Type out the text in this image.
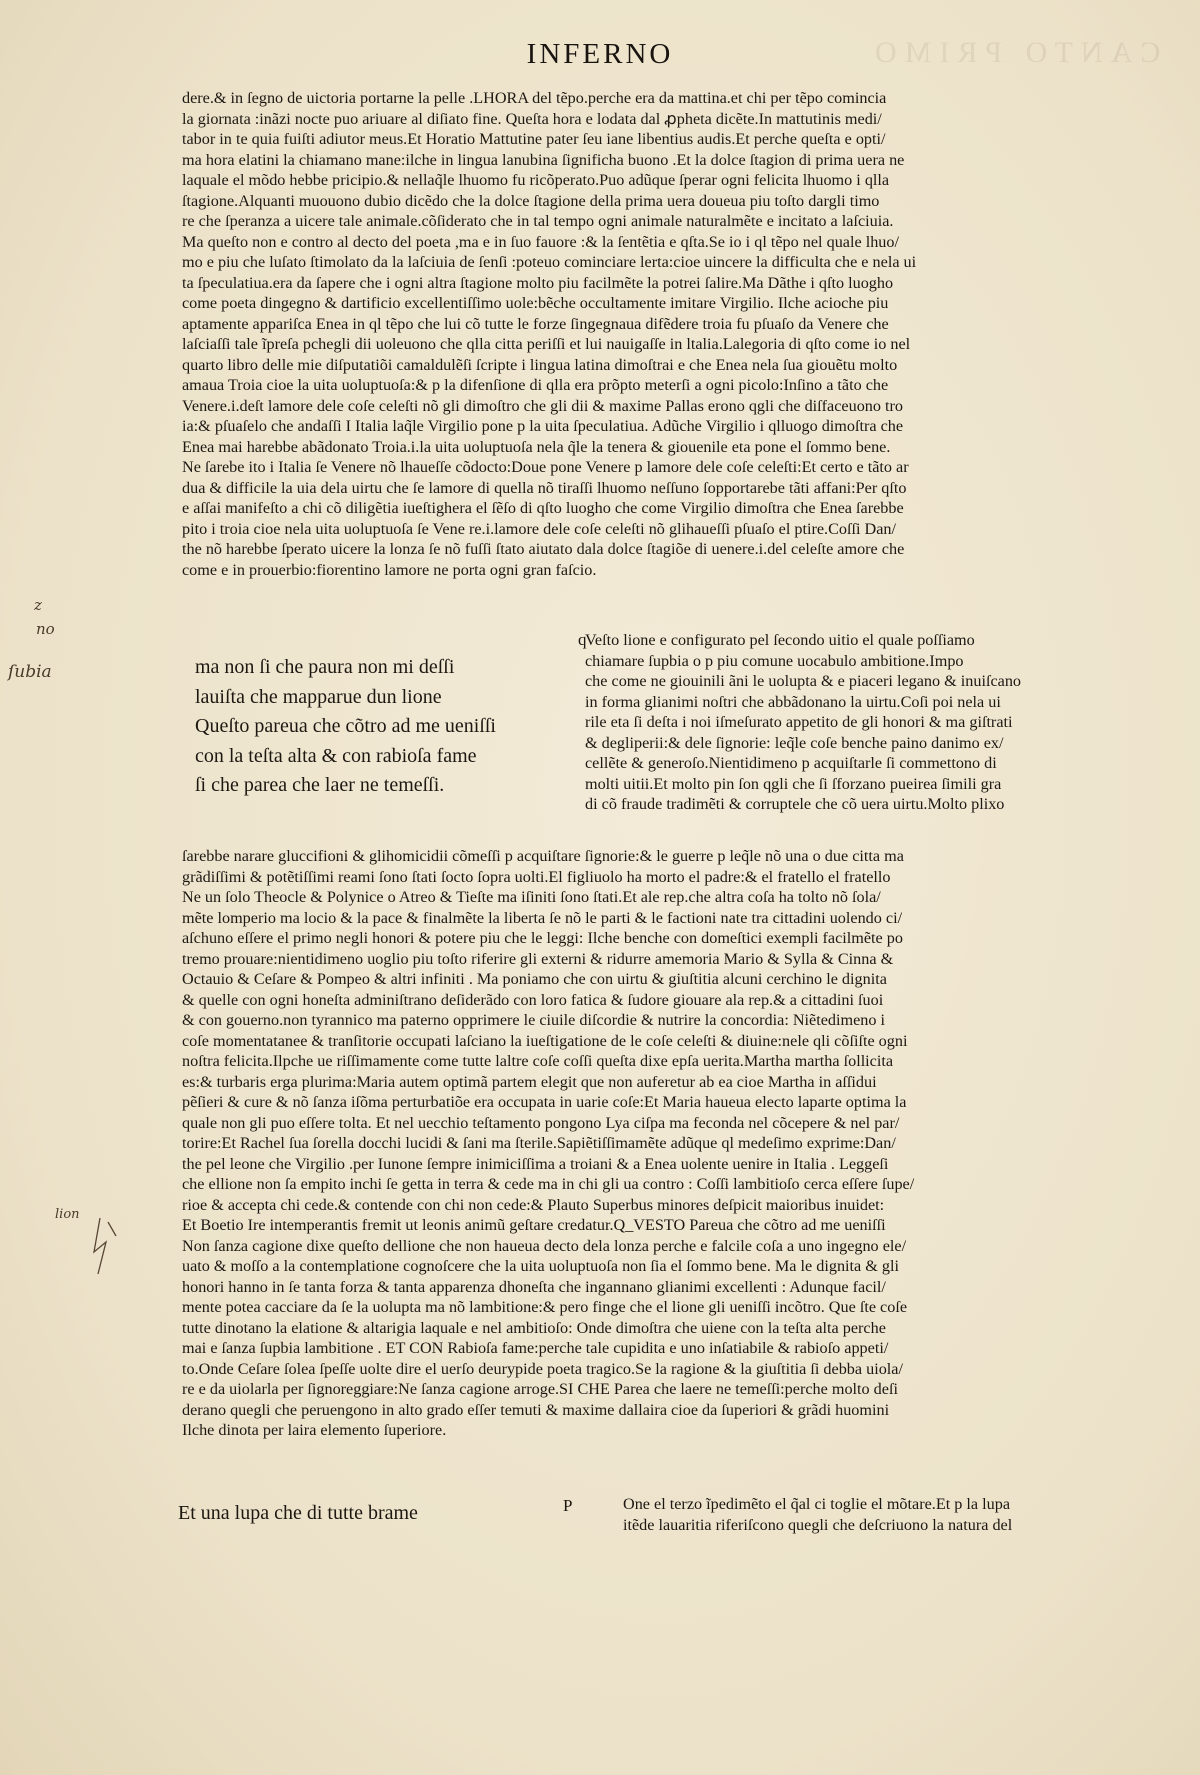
CANTO PRIMO
INFERNO
dere.& in ſegno de uictoria portarne la pelle .LHORA del tẽpo.perche era da mattina.et chi per tẽpo comincia
la giornata :inãzi nocte puo ariuare al diſiato fine. Queſta hora e lodata dal ꝓpheta dicẽte.In mattutinis medi/
tabor in te quia fuiſti adiutor meus.Et Horatio Mattutine pater ſeu iane libentius audis.Et perche queſta e opti/
ma hora elatini la chiamano mane:ilche in lingua lanubina ſignificha buono .Et la dolce ſtagion di prima uera ne
laquale el mõdo hebbe pricipio.& nellaq̃le lhuomo fu ricõperato.Puo adũque ſperar ogni felicita lhuomo i qlla
ſtagione.Alquanti muouono dubio dicẽdo che la dolce ſtagione della prima uera doueua piu toſto dargli timo
re che ſperanza a uicere tale animale.cõſiderato che in tal tempo ogni animale naturalmẽte e incitato a laſciuia.
Ma queſto non e contro al decto del poeta ,ma e in ſuo fauore :& la ſentẽtia e qſta.Se io i ql tẽpo nel quale lhuo/
mo e piu che luſato ſtimolato da la laſciuia de ſenſi :poteuo cominciare lerta:cioe uincere la difficulta che e nela ui
ta ſpeculatiua.era da ſapere che i ogni altra ſtagione molto piu facilmẽte la potrei ſalire.Ma Dãthe i qſto luogho
come poeta dingegno & dartificio excellentiſſimo uole:bẽche occultamente imitare Virgilio. Ilche acioche piu
aptamente appariſca Enea in ql tẽpo che lui cõ tutte le forze ſingegnaua difẽdere troia fu pſuaſo da Venere che
laſciaſſi tale ĩpreſa pchegli dii uoleuono che qlla citta periſſi et lui nauigaſſe in ltalia.Lalegoria di qſto come io nel
quarto libro delle mie diſputatiõi camaldulẽſi ſcripte i lingua latina dimoſtrai e che Enea nela ſua giouẽtu molto
amaua Troia cioe la uita uoluptuoſa:& p la difenſione di qlla era prõpto meterſi a ogni picolo:Inſino a tãto che
Venere.i.deſt lamore dele coſe celeſti nõ gli dimoſtro che gli dii & maxime Pallas erono qgli che diſfaceuono tro
ia:& pſuaſelo che andaſſi I Italia laq̃le Virgilio pone p la uita ſpeculatiua. Adũche Virgilio i qlluogo dimoſtra che
Enea mai harebbe abãdonato Troia.i.la uita uoluptuoſa nela q̃le la tenera & giouenile eta pone el ſommo bene.
Ne ſarebe ito i Italia ſe Venere nõ lhaueſſe cõdocto:Doue pone Venere p lamore dele coſe celeſti:Et certo e tãto ar
dua & difficile la uia dela uirtu che ſe lamore di quella nõ tiraſſi lhuomo neſſuno ſopportarebe tãti affani:Per qſto
e aſſai manifeſto a chi cõ diligẽtia iueſtighera el ſẽſo di qſto luogho che come Virgilio dimoſtra che Enea ſarebbe
pito i troia cioe nela uita uoluptuoſa ſe Vene re.i.lamore dele coſe celeſti nõ glihaueſſi pſuaſo el ptire.Coſſi Dan/
the nõ harebbe ſperato uicere la lonza ſe nõ fuſſi ſtato aiutato dala dolce ſtagiõe di uenere.i.del celeſte amore che
come e in prouerbio:fiorentino lamore ne porta ogni gran faſcio.
ma non ſi che paura non mi deſſi
lauiſta che mapparue dun lione
Queſto pareua che cõtro ad me ueniſſi
con la teſta alta & con rabioſa fame
ſi che parea che laer ne temeſſi.
q
Veſto lione e configurato pel ſecondo uitio el quale poſſiamo
chiamare ſupbia o p piu comune uocabulo ambitione.Impo
che come ne giouinili ãni le uolupta & e piaceri legano & inuiſcano
in forma glianimi noſtri che abbãdonano la uirtu.Coſi poi nela ui
rile eta ſi deſta i noi iſmeſurato appetito de gli honori & ma giſtrati
& degliperii:& dele ſignorie: leq̃le coſe benche paino danimo ex/
cellẽte & generoſo.Nientidimeno p acquiſtarle ſi commettono di
molti uitii.Et molto pin ſon qgli che ſi ſforzano pueirea ſimili gra
di cõ fraude tradimẽti & corruptele che cõ uera uirtu.Molto plixo
ſarebbe narare gluccifioni & glihomicidii cõmeſſi p acquiſtare ſignorie:& le guerre p leq̃le nõ una o due citta ma
grãdiſſimi & potẽtiſſimi reami ſono ſtati ſocto ſopra uolti.El figliuolo ha morto el padre:& el fratello el fratello
Ne un ſolo Theocle & Polynice o Atreo & Tieſte ma iſiniti ſono ſtati.Et ale rep.che altra coſa ha tolto nõ ſola/
mẽte lomperio ma locio & la pace & finalmẽte la liberta ſe nõ le parti & le factioni nate tra cittadini uolendo ci/
aſchuno eſſere el primo negli honori & potere piu che le leggi: Ilche benche con domeſtici exempli facilmẽte po
tremo prouare:nientidimeno uoglio piu toſto riferire gli externi & ridurre amemoria Mario & Sylla & Cinna &
Octauio & Ceſare & Pompeo & altri infiniti . Ma poniamo che con uirtu & giuſtitia alcuni cerchino le dignita
& quelle con ogni honeſta adminiſtrano deſiderãdo con loro fatica & ſudore giouare ala rep.& a cittadini ſuoi
& con gouerno.non tyrannico ma paterno opprimere le ciuile diſcordie & nutrire la concordia: Niẽtedimeno i
coſe momentatanee & tranſitorie occupati laſciano la iueſtigatione de le coſe celeſti & diuine:nele qli cõſiſte ogni
noſtra felicita.Ilpche ue riſſimamente come tutte laltre coſe coſſi queſta dixe epſa uerita.Martha martha ſollicita
es:& turbaris erga plurima:Maria autem optimã partem elegit que non auferetur ab ea cioe Martha in aſſidui
pẽſieri & cure & nõ ſanza iſõma perturbatiõe era occupata in uarie coſe:Et Maria haueua electo laparte optima la
quale non gli puo eſſere tolta. Et nel uecchio teſtamento pongono Lya ciſpa ma feconda nel cõcepere & nel par/
torire:Et Rachel ſua ſorella docchi lucidi & ſani ma ſterile.Sapiẽtiſſimamẽte adũque ql medeſimo exprime:Dan/
the pel leone che Virgilio .per Iunone ſempre inimiciſſima a troiani & a Enea uolente uenire in Italia . Leggeſi
che ellione non ſa empito inchi ſe getta in terra & cede ma in chi gli ua contro : Coſſi lambitioſo cerca eſſere ſupe/
rioe & accepta chi cede.& contende con chi non cede:& Plauto Superbus minores deſpicit maioribus inuidet:
Et Boetio Ire intemperantis fremit ut leonis animũ geſtare credatur.Q_VESTO Pareua che cõtro ad me ueniſſi
Non ſanza cagione dixe queſto dellione che non haueua decto dela lonza perche e falcile coſa a uno ingegno ele/
uato & moſſo a la contemplatione cognoſcere che la uita uoluptuoſa non ſia el ſommo bene. Ma le dignita & gli
honori hanno in ſe tanta forza & tanta apparenza dhoneſta che ingannano glianimi excellenti : Adunque facil/
mente potea cacciare da ſe la uolupta ma nõ lambitione:& pero finge che el lione gli ueniſſi incõtro. Que ſte coſe
tutte dinotano la elatione & altarigia laquale e nel ambitioſo: Onde dimoſtra che uiene con la teſta alta perche
mai e ſanza ſupbia lambitione . ET CON Rabioſa fame:perche tale cupidita e uno inſatiabile & rabioſo appeti/
to.Onde Ceſare ſolea ſpeſſe uolte dire el uerſo deurypide poeta tragico.Se la ragione & la giuſtitia ſi debba uiola/
re e da uiolarla per ſignoreggiare:Ne ſanza cagione arroge.SI CHE Parea che laere ne temeſſi:perche molto deſi
derano quegli che peruengono in alto grado eſſer temuti & maxime dallaira cioe da ſuperiori & grãdi huomini
Ilche dinota per laira elemento ſuperiore.
Et una lupa che di tutte brame	P	One el terzo ĩpedimẽto el q̃al ci toglie el mõtare.Et p la lupa
itẽde lauaritia riferiſcono quegli che deſcriuono la natura del
z
no
ſubia
lion
